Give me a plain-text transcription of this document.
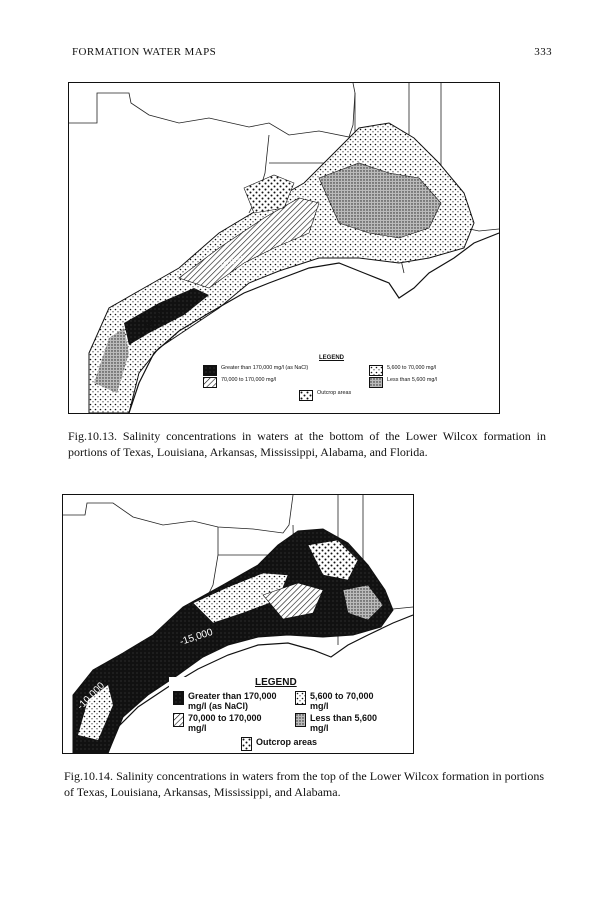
FORMATION WATER MAPS	333
15,000
10,000
LEGEND
Greater than 170,000 mg/l (as NaCl)	5,600 to 70,000 mg/l
70,000 to 170,000 mg/l	Less than 5,600 mg/l
Outcrop areas
Fig.10.13. Salinity concentrations in waters at the bottom of the Lower Wilcox formation in portions of Texas, Louisiana, Arkansas, Mississippi, Alabama, and Florida.
-15,000
-10,000	LEGEND
Greater than 170,000
mg/l (as NaCl)
5,600 to 70,000
mg/l
70,000 to 170,000
mg/l
Less than 5,600
mg/l
Outcrop areas
Fig.10.14. Salinity concentrations in waters from the top of the Lower Wilcox formation in portions of Texas, Louisiana, Arkansas, Mississippi, and Alabama.
